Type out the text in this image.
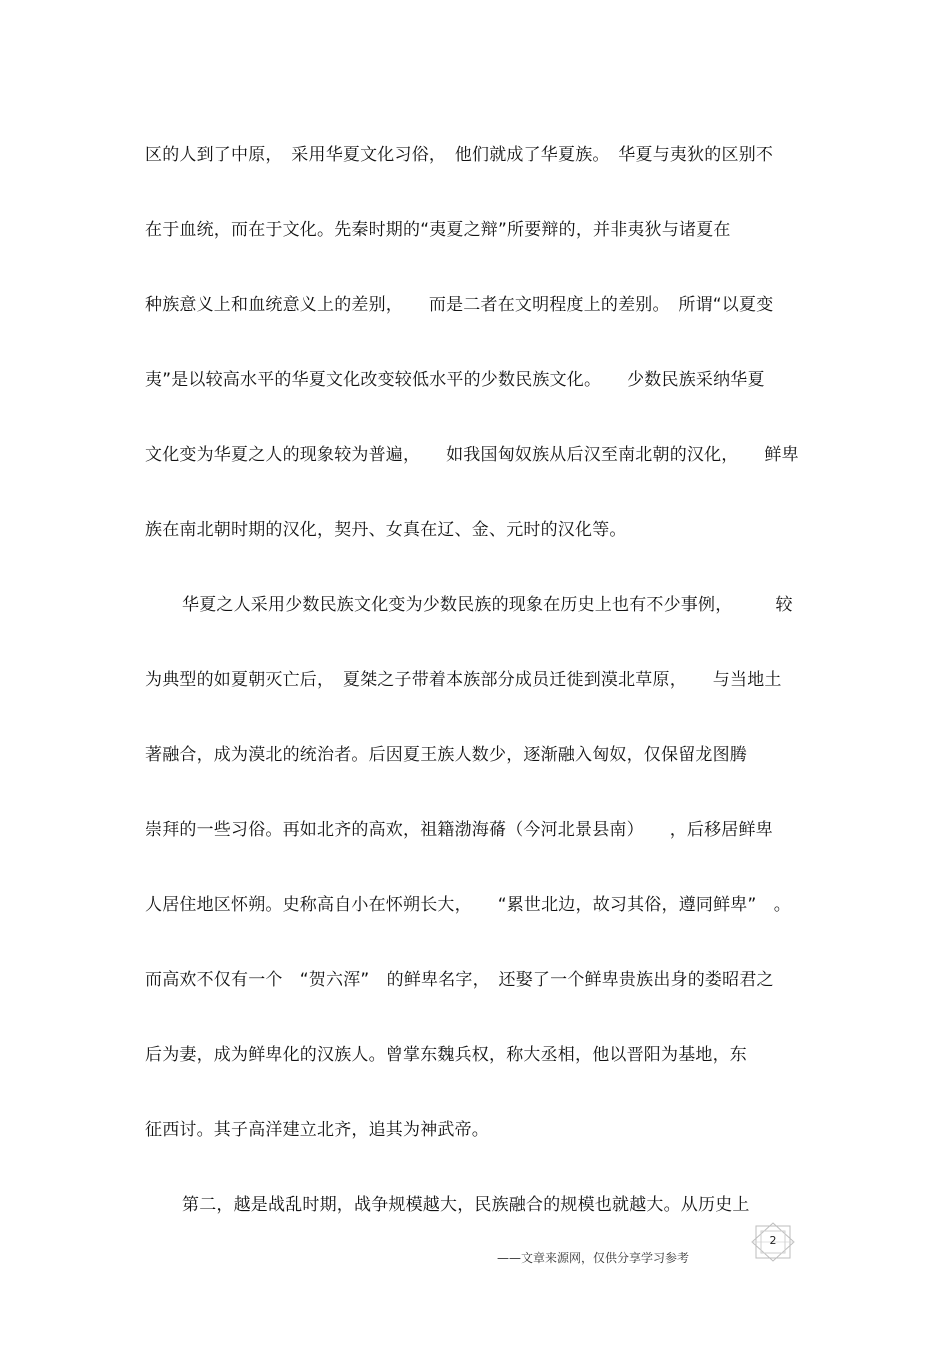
区的人到了中原，　采用华夏文化习俗，　他们就成了华夏族。　华夏与夷狄的区别不
在于血统，而在于文化。先秦时期的“夷夏之辩”所要辩的，并非夷狄与诸夏在
种族意义上和血统意义上的差别，　　而是二者在文明程度上的差别。　所谓“以夏变
夷”是以较高水平的华夏文化改变较低水平的少数民族文化。　　少数民族采纳华夏
文化变为华夏之人的现象较为普遍，　　如我国匈奴族从后汉至南北朝的汉化，　　鲜卑
族在南北朝时期的汉化，契丹、女真在辽、金、元时的汉化等。
华夏之人采用少数民族文化变为少数民族的现象在历史上也有不少事例，　　　较
为典型的如夏朝灭亡后，　夏桀之子带着本族部分成员迁徙到漠北草原，　　与当地土
著融合，成为漠北的统治者。后因夏王族人数少，逐渐融入匈奴，仅保留龙图腾
崇拜的一些习俗。再如北齐的高欢，祖籍渤海蓨（今河北景县南）　　，后移居鲜卑
人居住地区怀朔。史称高自小在怀朔长大，　　“累世北边，故习其俗，遵同鲜卑”　。
而高欢不仅有一个　“贺六浑”　的鲜卑名字，　还娶了一个鲜卑贵族出身的娄昭君之
后为妻，成为鲜卑化的汉族人。曾掌东魏兵权，称大丞相，他以晋阳为基地，东
征西讨。其子高洋建立北齐，追其为神武帝。
第二，越是战乱时期，战争规模越大，民族融合的规模也就越大。从历史上
——文章来源网，仅供分享学习参考
2
